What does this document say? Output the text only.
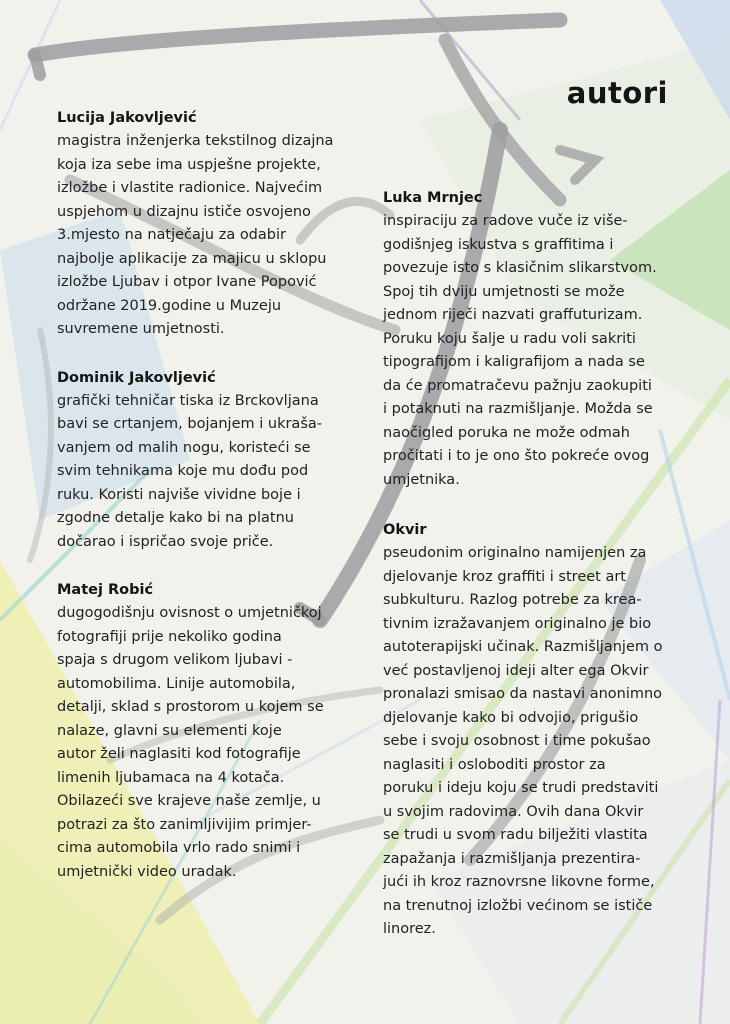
autori

Lucija Jakovljević

magistra inženjerka tekstilnog dizajna
koja iza sebe ima uspješne projekte,
izložbe i vlastite radionice. Najvećim
uspjehom u dizajnu ističe osvojeno
3.mjesto na natječaju za odabir
najbolje aplikacije za majicu u sklopu
izložbe Ljubav i otpor Ivane Popović
održane 2019.godine u Muzeju
suvremene umjetnosti.

Dominik Jakovljević

grafički tehničar tiska iz Brckovljana
bavi se crtanjem, bojanjem i ukraša-
vanjem od malih nogu, koristeći se
svim tehnikama koje mu dođu pod
ruku. Koristi najviše vividne boje i
zgodne detalje kako bi na platnu
dočarao i ispričao svoje priče.

Matej Robić

dugogodišnju ovisnost o umjetničkoj
fotografiji prije nekoliko godina
spaja s drugom velikom ljubavi -
automobilima. Linije automobila,
detalji, sklad s prostorom u kojem se
nalaze, glavni su elementi koje
autor želi naglasiti kod fotografije
limenih ljubamaca na 4 kotača.
Obilazeći sve krajeve naše zemlje, u
potrazi za što zanimljivijim primjer-
cima automobila vrlo rado snimi i
umjetnički video uradak.

Luka Mrnjec

inspiraciju za radove vuče iz više-
godišnjeg iskustva s graffitima i
povezuje isto s klasičnim slikarstvom.
Spoj tih dviju umjetnosti se može
jednom riječi nazvati graffuturizam.
Poruku koju šalje u radu voli sakriti
tipografijom i kaligrafijom a nada se
da će promatračevu pažnju zaokupiti
i potaknuti na razmišljanje. Možda se
naočigled poruka ne može odmah
pročitati i to je ono što pokreće ovog
umjetnika.

Okvir

pseudonim originalno namijenjen za
djelovanje kroz graffiti i street art
subkulturu. Razlog potrebe za krea-
tivnim izražavanjem originalno je bio
autoterapijski učinak. Razmišljanjem o
već postavljenoj ideji alter ega Okvir
pronalazi smisao da nastavi anonimno
djelovanje kako bi odvojio, prigušio
sebe i svoju osobnost i time pokušao
naglasiti i osloboditi prostor za
poruku i ideju koju se trudi predstaviti
u svojim radovima. Ovih dana Okvir
se trudi u svom radu bilježiti vlastita
zapažanja i razmišljanja prezentira-
jući ih kroz raznovrsne likovne forme,
na trenutnoj izložbi većinom se ističe
linorez.
